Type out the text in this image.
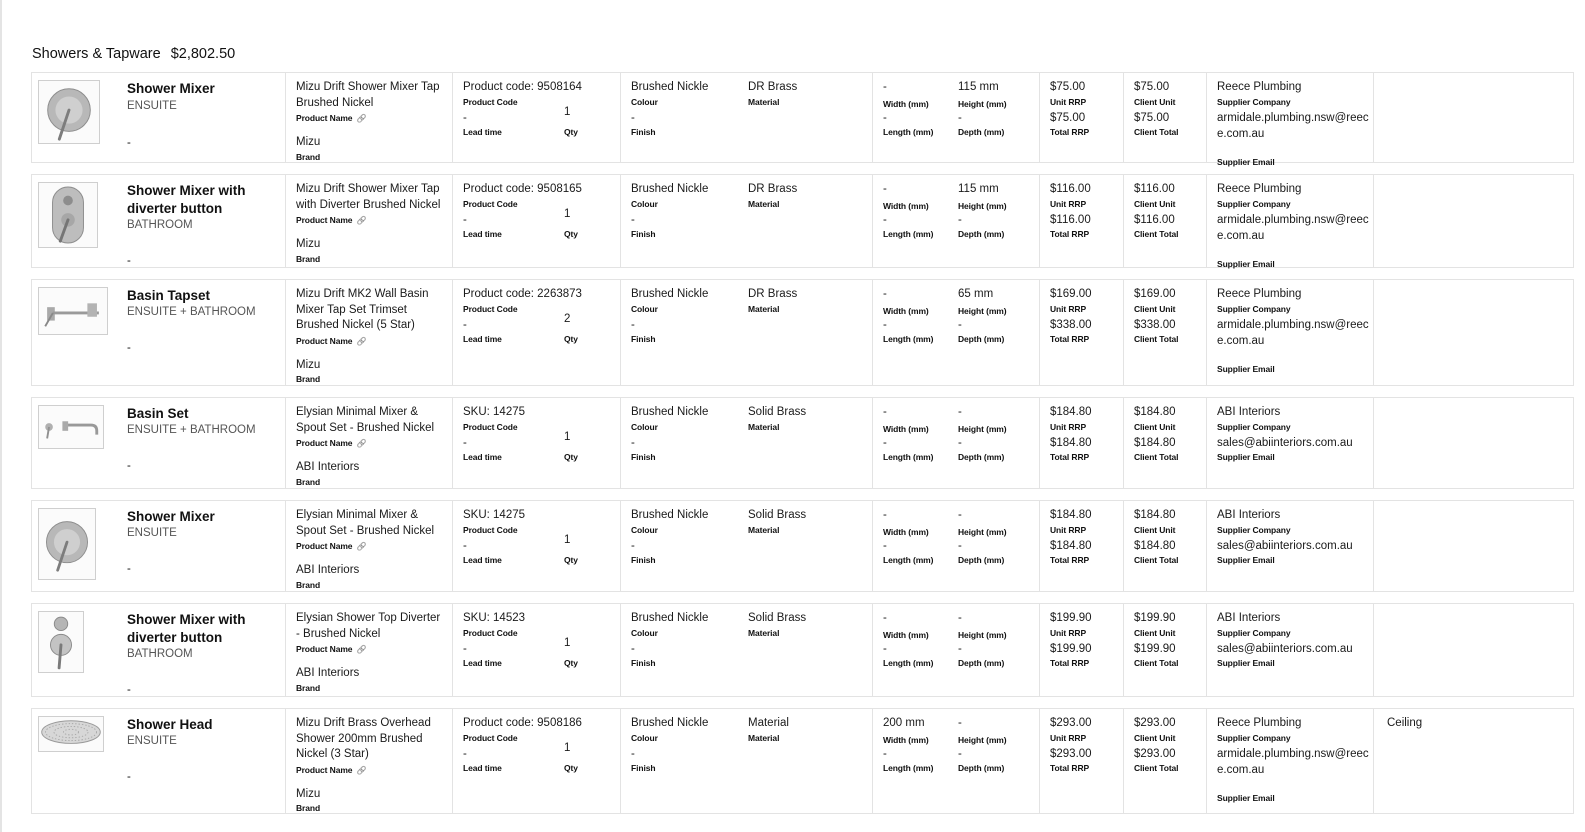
Showers & Tapware $2,802.50
Shower Mixer
ENSUITE
-
Mizu Drift Shower Mixer Tap Brushed Nickel
Product Name 🔗
Mizu
Brand
Product code: 9508164
Product Code
-
Lead time
1
Qty
Brushed Nickle
Colour
DR Brass
Material
-
Finish
-
Width (mm)
115 mm
Height (mm)
-
Length (mm)
-
Depth (mm)
$75.00
Unit RRP
$75.00
Total RRP
$75.00
Client Unit
$75.00
Client Total
Reece Plumbing
Supplier Company
armidale.plumbing.nsw@reece.com.au
Supplier Email
Shower Mixer with diverter button
BATHROOM
-
Mizu Drift Shower Mixer Tap with Diverter Brushed Nickel
Product Name 🔗
Mizu
Brand
Product code: 9508165
Product Code
-
Lead time
1
Qty
Brushed Nickle
Colour
DR Brass
Material
-
Finish
-
Width (mm)
115 mm
Height (mm)
-
Length (mm)
-
Depth (mm)
$116.00
Unit RRP
$116.00
Total RRP
$116.00
Client Unit
$116.00
Client Total
Reece Plumbing
Supplier Company
armidale.plumbing.nsw@reece.com.au
Supplier Email
Basin Tapset
ENSUITE + BATHROOM
-
Mizu Drift MK2 Wall Basin Mixer Tap Set Trimset Brushed Nickel (5 Star)
Product Name 🔗
Mizu
Brand
Product code: 2263873
Product Code
-
Lead time
2
Qty
Brushed Nickle
Colour
DR Brass
Material
-
Finish
-
Width (mm)
65 mm
Height (mm)
-
Length (mm)
-
Depth (mm)
$169.00
Unit RRP
$338.00
Total RRP
$169.00
Client Unit
$338.00
Client Total
Reece Plumbing
Supplier Company
armidale.plumbing.nsw@reece.com.au
Supplier Email
Basin Set
ENSUITE + BATHROOM
-
Elysian Minimal Mixer & Spout Set - Brushed Nickel
Product Name 🔗
ABI Interiors
Brand
SKU: 14275
Product Code
-
Lead time
1
Qty
Brushed Nickle
Colour
Solid Brass
Material
-
Finish
-
Width (mm)
-
Height (mm)
-
Length (mm)
-
Depth (mm)
$184.80
Unit RRP
$184.80
Total RRP
$184.80
Client Unit
$184.80
Client Total
ABI Interiors
Supplier Company
sales@abiinteriors.com.au
Supplier Email
Shower Mixer
ENSUITE
-
Elysian Minimal Mixer & Spout Set - Brushed Nickel
Product Name 🔗
ABI Interiors
Brand
SKU: 14275
Product Code
-
Lead time
1
Qty
Brushed Nickle
Colour
Solid Brass
Material
-
Finish
-
Width (mm)
-
Height (mm)
-
Length (mm)
-
Depth (mm)
$184.80
Unit RRP
$184.80
Total RRP
$184.80
Client Unit
$184.80
Client Total
ABI Interiors
Supplier Company
sales@abiinteriors.com.au
Supplier Email
Shower Mixer with diverter button
BATHROOM
-
Elysian Shower Top Diverter - Brushed Nickel
Product Name 🔗
ABI Interiors
Brand
SKU: 14523
Product Code
-
Lead time
1
Qty
Brushed Nickle
Colour
Solid Brass
Material
-
Finish
-
Width (mm)
-
Height (mm)
-
Length (mm)
-
Depth (mm)
$199.90
Unit RRP
$199.90
Total RRP
$199.90
Client Unit
$199.90
Client Total
ABI Interiors
Supplier Company
sales@abiinteriors.com.au
Supplier Email
Shower Head
ENSUITE
-
Mizu Drift Brass Overhead Shower 200mm Brushed Nickel (3 Star)
Product Name 🔗
Mizu
Brand
Product code: 9508186
Product Code
-
Lead time
1
Qty
Brushed Nickle
Colour
Material
Material
-
Finish
200 mm
Width (mm)
-
Height (mm)
-
Length (mm)
-
Depth (mm)
$293.00
Unit RRP
$293.00
Total RRP
$293.00
Client Unit
$293.00
Client Total
Reece Plumbing
Supplier Company
armidale.plumbing.nsw@reece.com.au
Supplier Email
Ceiling
